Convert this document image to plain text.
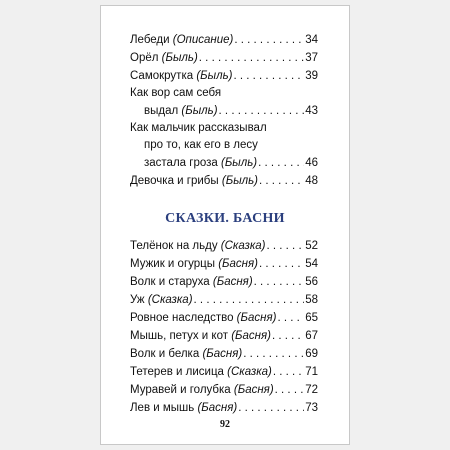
Лебеди (Описание) . . .	34
Орёл (Быль) . . .	37
Самокрутка (Быль) . . .	39
Как вор сам себя
выдал (Быль) . . .	43
Как мальчик рассказывал
про то, как его в лесу
застала гроза (Быль) . . .	46
Девочка и грибы (Быль) . . .	48
СКАЗКИ. БАСНИ
Телёнок на льду (Сказка) . . .	52
Мужик и огурцы (Басня) . . .	54
Волк и старуха (Басня) . . .	56
Уж (Сказка) . . .	58
Ровное наследство (Басня) . . .	65
Мышь, петух и кот (Басня) . . .	67
Волк и белка (Басня) . . .	69
Тетерев и лисица (Сказка) . . .	71
Муравей и голубка (Басня) . . .	72
Лев и мышь (Басня) . . .	73
92
